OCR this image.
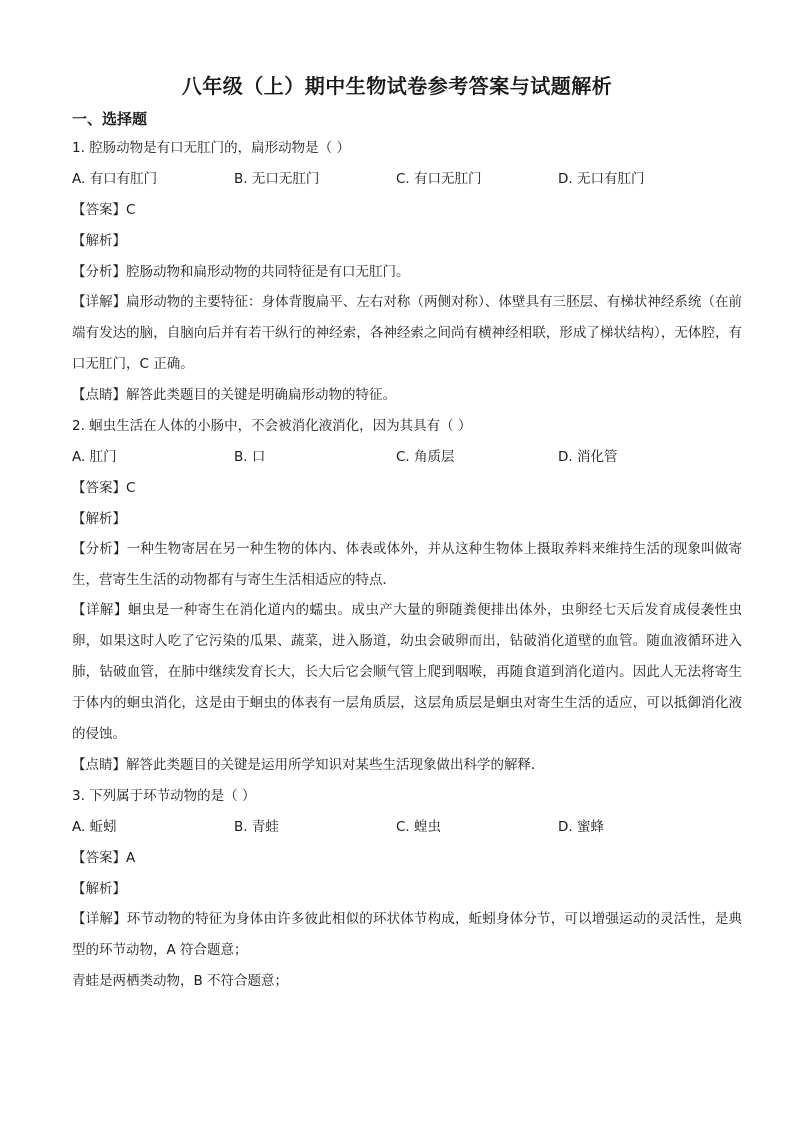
八年级（上）期中生物试卷参考答案与试题解析
一、选择题
1. 腔肠动物是有口无肛门的，扁形动物是（ ）
A. 有口有肛门	B. 无口无肛门	C. 有口无肛门	D. 无口有肛门
【答案】C
【解析】
【分析】腔肠动物和扁形动物的共同特征是有口无肛门。
【详解】扁形动物的主要特征：身体背腹扁平、左右对称（两侧对称）、体壁具有三胚层、有梯状神经系统（在前端有发达的脑，自脑向后并有若干纵行的神经索，各神经索之间尚有横神经相联，形成了梯状结构），无体腔，有口无肛门，C 正确。
【点睛】解答此类题目的关键是明确扁形动物的特征。
2. 蛔虫生活在人体的小肠中，不会被消化液消化，因为其具有（ ）
A. 肛门	B. 口	C. 角质层	D. 消化管
【答案】C
【解析】
【分析】一种生物寄居在另一种生物的体内、体表或体外，并从这种生物体上摄取养料来维持生活的现象叫做寄生，营寄生生活的动物都有与寄生生活相适应的特点．
【详解】蛔虫是一种寄生在消化道内的蠕虫。成虫产大量的卵随粪便排出体外，虫卵经七天后发育成侵袭性虫卵，如果这时人吃了它污染的瓜果、蔬菜，进入肠道，幼虫会破卵而出，钻破消化道壁的血管。随血液循环进入肺，钻破血管，在肺中继续发育长大，长大后它会顺气管上爬到咽喉，再随食道到消化道内。因此人无法将寄生于体内的蛔虫消化，这是由于蛔虫的体表有一层角质层，这层角质层是蛔虫对寄生生活的适应，可以抵御消化液的侵蚀。
【点睛】解答此类题目的关键是运用所学知识对某些生活现象做出科学的解释．
3. 下列属于环节动物的是（ ）
A. 蚯蚓	B. 青蛙	C. 蝗虫	D. 蜜蜂
【答案】A
【解析】
【详解】环节动物的特征为身体由许多彼此相似的环状体节构成，蚯蚓身体分节，可以增强运动的灵活性，是典型的环节动物，A 符合题意；
青蛙是两栖类动物，B 不符合题意；
